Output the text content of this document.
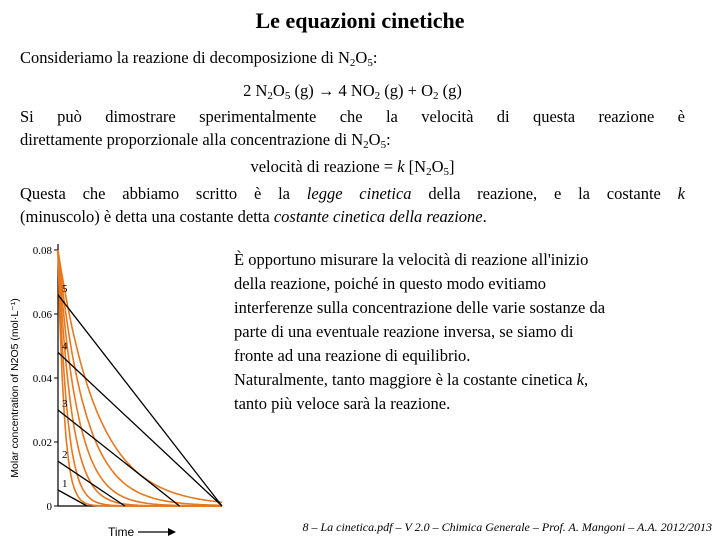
Le equazioni cinetiche
Consideriamo la reazione di decomposizione di $N_2O_5$:
2 $N_2O_5$ (g) → 4 $NO_2$ $(g) + O_2$ (g)
Si può dimostrare sperimentalmente che la velocità di questa reazione è
direttamente proporzionale alla concentrazione di $N_2O_5$:
velocità di reazione = k $[N_2O_5]$
Questa che abbiamo scritto è la legge cinetica della reazione, e la costante k
(minuscolo) è detta una costante detta costante cinetica della reazione.
0
0.02
0.04
0.06
0.08
Molar concentration of N2O5 (mol·L⁻¹)
Time
1
2
3
4
5
È opportuno misurare la velocità di reazione all'inizio
della reazione, poiché in questo modo evitiamo
interferenze sulla concentrazione delle varie sostanze da
parte di una eventuale reazione inversa, se siamo di
fronte ad una reazione di equilibrio.
Naturalmente, tanto maggiore è la costante cinetica k,
tanto più veloce sarà la reazione.
8 – La cinetica.pdf – V 2.0 – Chimica Generale – Prof. A. Mangoni – A.A. 2012/2013
